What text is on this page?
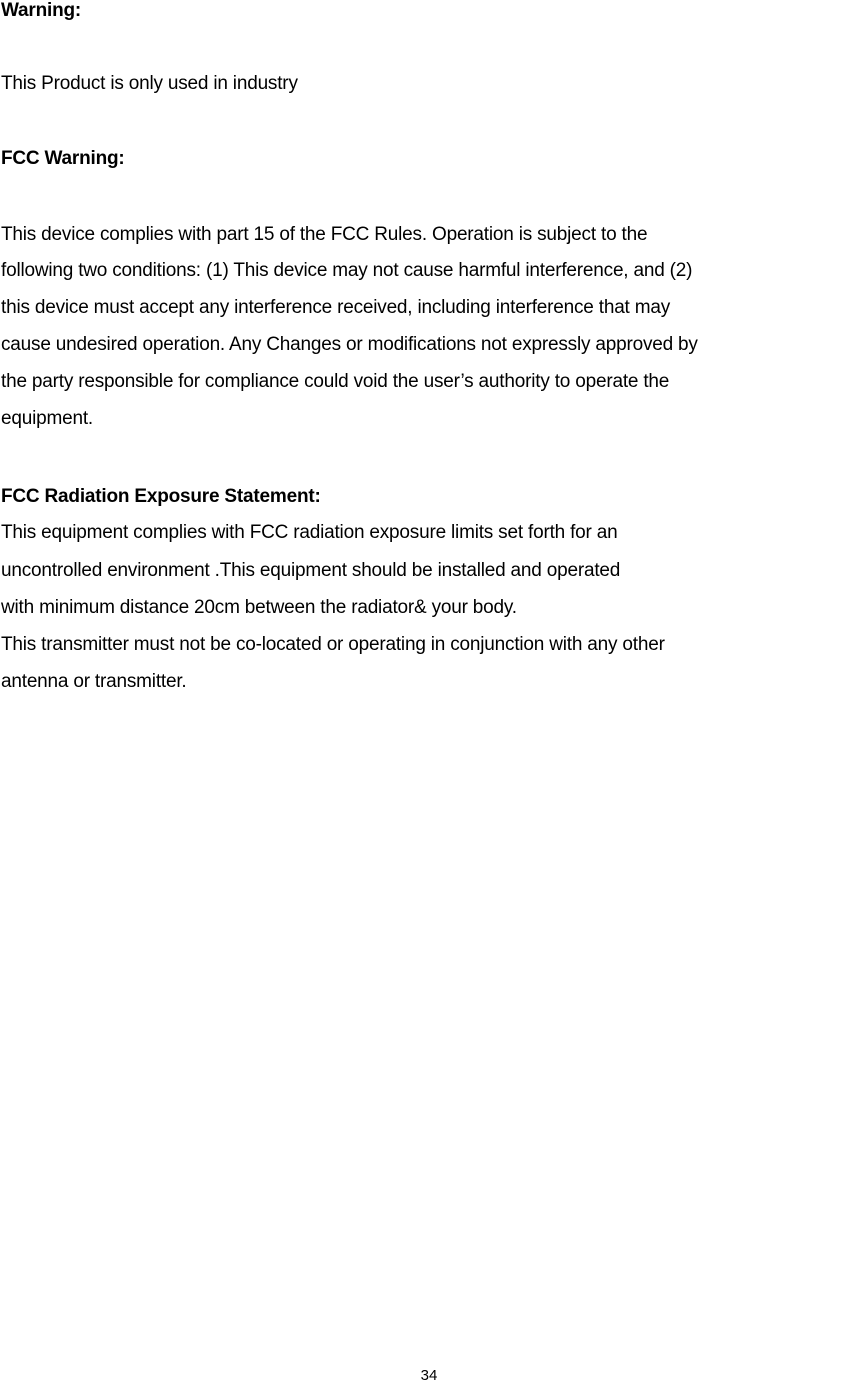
Warning:
This Product is only used in industry
FCC Warning:
This device complies with part 15 of the FCC Rules. Operation is subject to the
following two conditions: (1) This device may not cause harmful interference, and (2)
this device must accept any interference received, including interference that may
cause undesired operation. Any Changes or modifications not expressly approved by
the party responsible for compliance could void the user’s authority to operate the
equipment.
FCC Radiation Exposure Statement:
This equipment complies with FCC radiation exposure limits set forth for an
uncontrolled environment .This equipment should be installed and operated
with minimum distance 20cm between the radiator& your body.
This transmitter must not be co-located or operating in conjunction with any other
antenna or transmitter.
34
